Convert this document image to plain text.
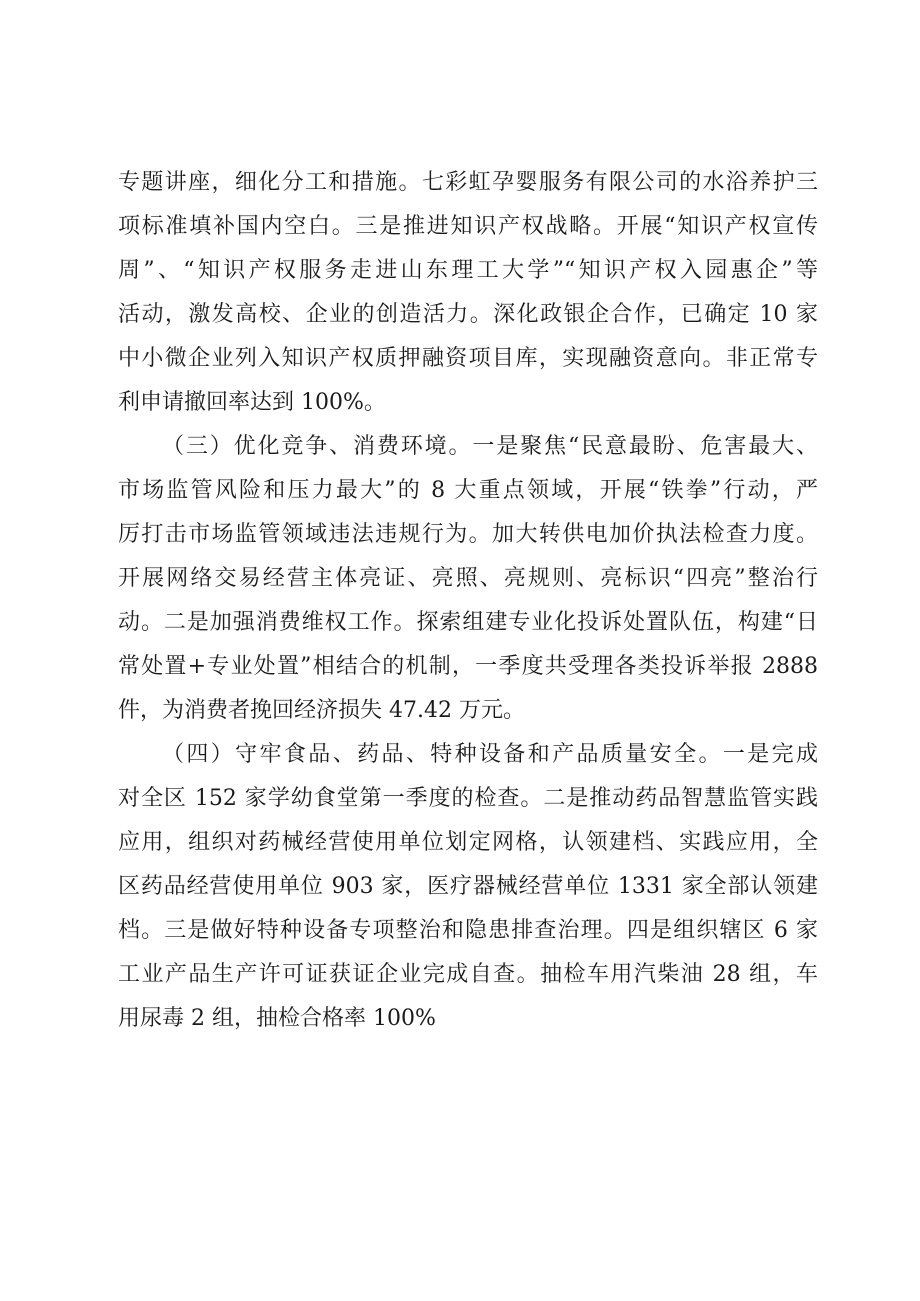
专题讲座，细化分工和措施。七彩虹孕婴服务有限公司的水浴养护三
项标准填补国内空白。三是推进知识产权战略。开展“知识产权宣传
周”、“知识产权服务走进山东理工大学”“知识产权入园惠企”等
活动，激发高校、企业的创造活力。深化政银企合作，已确定 10 家
中小微企业列入知识产权质押融资项目库，实现融资意向。非正常专
利申请撤回率达到 100%。
（三）优化竞争、消费环境。一是聚焦“民意最盼、危害最大、
市场监管风险和压力最大”的 8 大重点领域，开展“铁拳”行动，严
厉打击市场监管领域违法违规行为。加大转供电加价执法检查力度。
开展网络交易经营主体亮证、亮照、亮规则、亮标识“四亮”整治行
动。二是加强消费维权工作。探索组建专业化投诉处置队伍，构建“日
常处置+专业处置”相结合的机制，一季度共受理各类投诉举报 2888
件，为消费者挽回经济损失 47.42 万元。
（四）守牢食品、药品、特种设备和产品质量安全。一是完成
对全区 152 家学幼食堂第一季度的检查。二是推动药品智慧监管实践
应用，组织对药械经营使用单位划定网格，认领建档、实践应用，全
区药品经营使用单位 903 家，医疗器械经营单位 1331 家全部认领建
档。三是做好特种设备专项整治和隐患排查治理。四是组织辖区 6 家
工业产品生产许可证获证企业完成自查。抽检车用汽柴油 28 组，车
用尿毒 2 组，抽检合格率 100%
